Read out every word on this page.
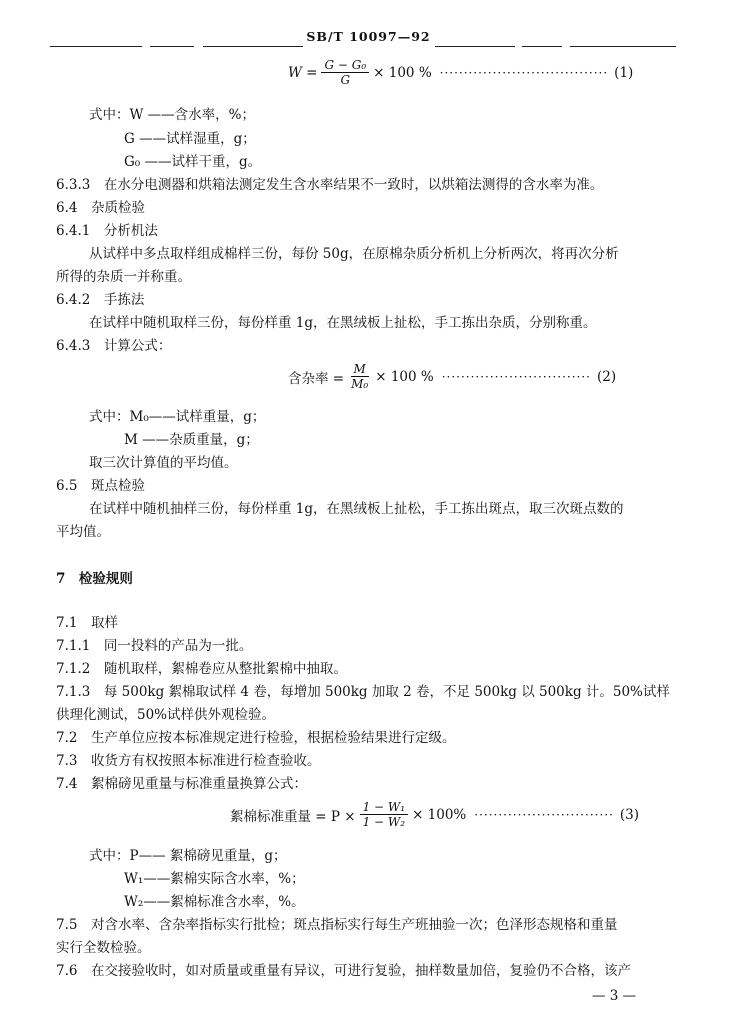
SB/T 10097—92
$W = \frac{\text{G − G₀}}{G} \times 100$ % ··································· (1)
式中：W ——含水率，%；
G ——试样湿重，g；
G₀ ——试样干重，g。
6.3.3　在水分电测器和烘箱法测定发生含水率结果不一致时，以烘箱法测得的含水率为准。
6.4　杂质检验
6.4.1　分析机法
从试样中多点取样组成棉样三份，每份 50g，在原棉杂质分析机上分析两次，将再次分析
所得的杂质一并称重。
6.4.2　手拣法
在试样中随机取样三份，每份样重 1g，在黑绒板上扯松，手工拣出杂质，分别称重。
6.4.3　计算公式：
含杂率 = $\frac{M}{\text{M₀}} \times 100$ % ······························· (2)
式中：M₀——试样重量，g；
M ——杂质重量，g；
取三次计算值的平均值。
6.5　斑点检验
在试样中随机抽样三份，每份样重 1g，在黑绒板上扯松，手工拣出斑点，取三次斑点数的
平均值。
7　检验规则
7.1　取样
7.1.1　同一投料的产品为一批。
7.1.2　随机取样，絮棉卷应从整批絮棉中抽取。
7.1.3　每 500kg 絮棉取试样 4 卷，每增加 500kg 加取 2 卷，不足 500kg 以 500kg 计。50%试样
供理化测试，50%试样供外观检验。
7.2　生产单位应按本标准规定进行检验，根据检验结果进行定级。
7.3　收货方有权按照本标准进行检查验收。
7.4　絮棉磅见重量与标准重量换算公式：
絮棉标准重量 = $P \times \frac{\text{1 − W₁}}{\text{1 − W₂}} \times 100\%$ ····························· (3)
式中：P—— 絮棉磅见重量，g；
W₁——絮棉实际含水率，%；
W₂——絮棉标准含水率，%。
7.5　对含水率、含杂率指标实行批检；斑点指标实行每生产班抽验一次；色泽形态规格和重量
实行全数检验。
7.6　在交接验收时，如对质量或重量有异议，可进行复验，抽样数量加倍，复验仍不合格，该产
— 3 —
